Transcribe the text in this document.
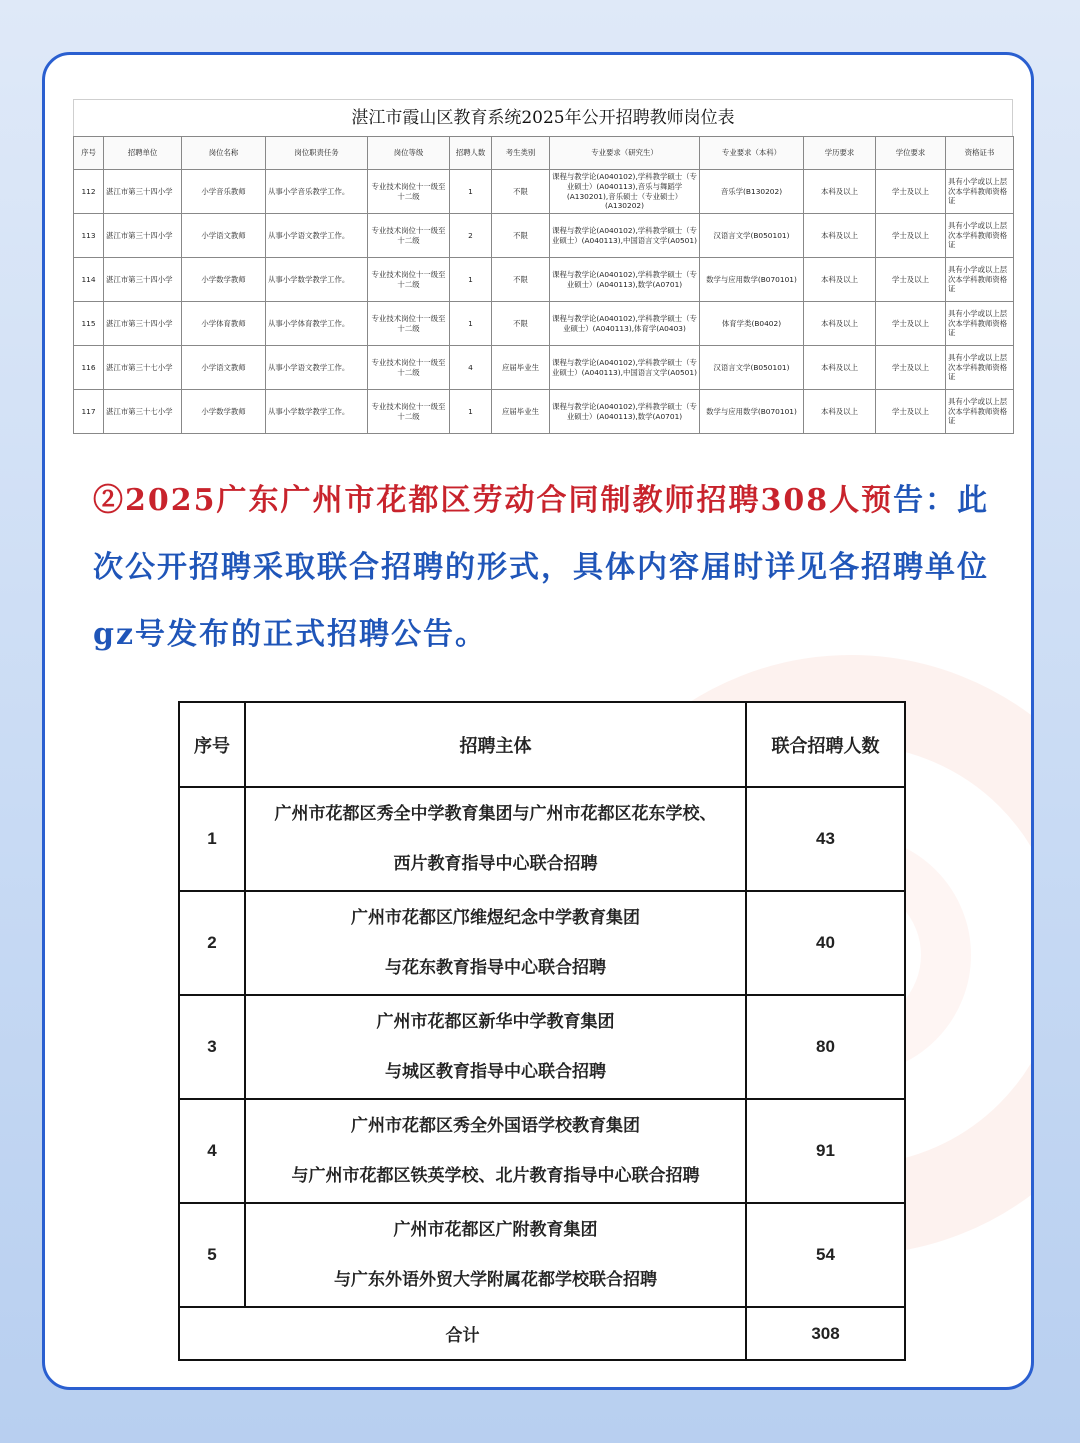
湛江市霞山区教育系统2025年公开招聘教师岗位表
序号	招聘单位	岗位名称	岗位职责任务	岗位等级	招聘人数	考生类别	专业要求（研究生）	专业要求（本科）	学历要求	学位要求	资格证书
112	湛江市第三十四小学	小学音乐教师	从事小学音乐教学工作。	专业技术岗位十一级至十二级	1	不限	课程与教学论(A040102),学科教学硕士（专业硕士）(A040113),音乐与舞蹈学(A130201),音乐硕士（专业硕士）(A130202)	音乐学(B130202)	本科及以上	学士及以上	具有小学或以上层次本学科教师资格证
113	湛江市第三十四小学	小学语文教师	从事小学语文教学工作。	专业技术岗位十一级至十二级	2	不限	课程与教学论(A040102),学科教学硕士（专业硕士）(A040113),中国语言文学(A0501)	汉语言文学(B050101)	本科及以上	学士及以上	具有小学或以上层次本学科教师资格证
114	湛江市第三十四小学	小学数学教师	从事小学数学教学工作。	专业技术岗位十一级至十二级	1	不限	课程与教学论(A040102),学科教学硕士（专业硕士）(A040113),数学(A0701)	数学与应用数学(B070101)	本科及以上	学士及以上	具有小学或以上层次本学科教师资格证
115	湛江市第三十四小学	小学体育教师	从事小学体育教学工作。	专业技术岗位十一级至十二级	1	不限	课程与教学论(A040102),学科教学硕士（专业硕士）(A040113),体育学(A0403)	体育学类(B0402)	本科及以上	学士及以上	具有小学或以上层次本学科教师资格证
116	湛江市第三十七小学	小学语文教师	从事小学语文教学工作。	专业技术岗位十一级至十二级	4	应届毕业生	课程与教学论(A040102),学科教学硕士（专业硕士）(A040113),中国语言文学(A0501)	汉语言文学(B050101)	本科及以上	学士及以上	具有小学或以上层次本学科教师资格证
117	湛江市第三十七小学	小学数学教师	从事小学数学教学工作。	专业技术岗位十一级至十二级	1	应届毕业生	课程与教学论(A040102),学科教学硕士（专业硕士）(A040113),数学(A0701)	数学与应用数学(B070101)	本科及以上	学士及以上	具有小学或以上层次本学科教师资格证
②2025广东广州市花都区劳动合同制教师招聘308人预告：此次公开招聘采取联合招聘的形式，具体内容届时详见各招聘单位gz号发布的正式招聘公告。
序号	招聘主体	联合招聘人数
1	广州市花都区秀全中学教育集团与广州市花都区花东学校、
西片教育指导中心联合招聘	43
2	广州市花都区邝维煜纪念中学教育集团
与花东教育指导中心联合招聘	40
3	广州市花都区新华中学教育集团
与城区教育指导中心联合招聘	80
4	广州市花都区秀全外国语学校教育集团
与广州市花都区铁英学校、北片教育指导中心联合招聘	91
5	广州市花都区广附教育集团
与广东外语外贸大学附属花都学校联合招聘	54
合计		308
